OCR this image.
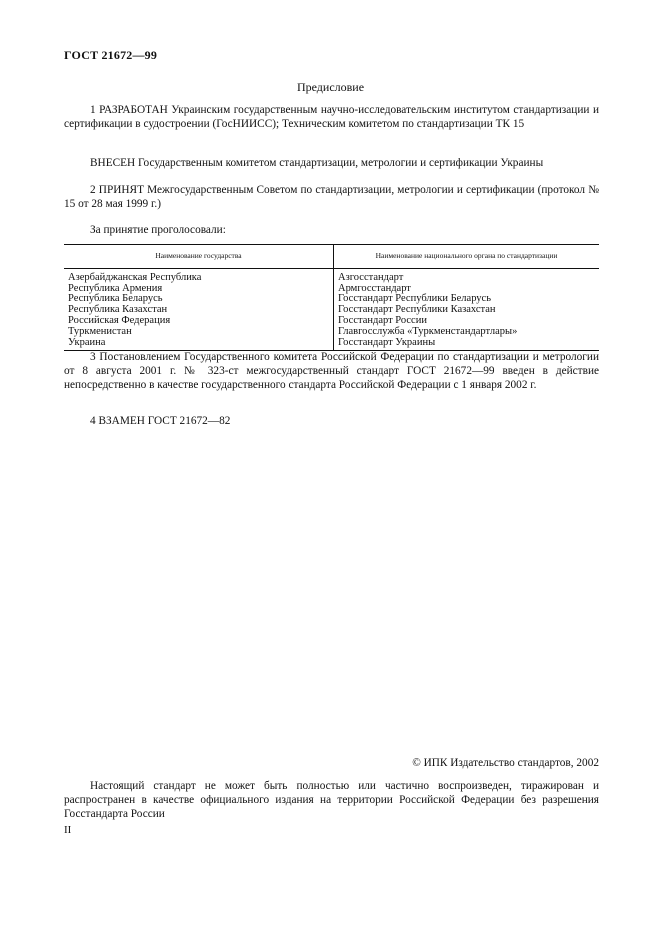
ГОСТ 21672—99
Предисловие
1 РАЗРАБОТАН Украинским государственным научно-исследовательским институтом стандартизации и сертификации в судостроении (ГосНИИСС); Техническим комитетом по стандартизации ТК 15
ВНЕСЕН Государственным комитетом стандартизации, метрологии и сертификации Украины
2 ПРИНЯТ Межгосударственным Советом по стандартизации, метрологии и сертификации (протокол № 15 от 28 мая 1999 г.)
За принятие проголосовали:
Наименование государства	Наименование национального органа по стандартизации
Азербайджанская Республика	Азгосстандарт
Республика Армения	Армгосстандарт
Республика Беларусь	Госстандарт Республики Беларусь
Республика Казахстан	Госстандарт Республики Казахстан
Российская Федерация	Госстандарт России
Туркменистан	Главгосслужба «Туркменстандартлары»
Украина	Госстандарт Украины
3 Постановлением Государственного комитета Российской Федерации по стандартизации и метрологии от 8 августа 2001 г. № 323-ст межгосударственный стандарт ГОСТ 21672—99 введен в действие непосредственно в качестве государственного стандарта Российской Федерации с 1 января 2002 г.
4 ВЗАМЕН ГОСТ 21672—82
© ИПК Издательство стандартов, 2002
Настоящий стандарт не может быть полностью или частично воспроизведен, тиражирован и распространен в качестве официального издания на территории Российской Федерации без разрешения Госстандарта России
II
